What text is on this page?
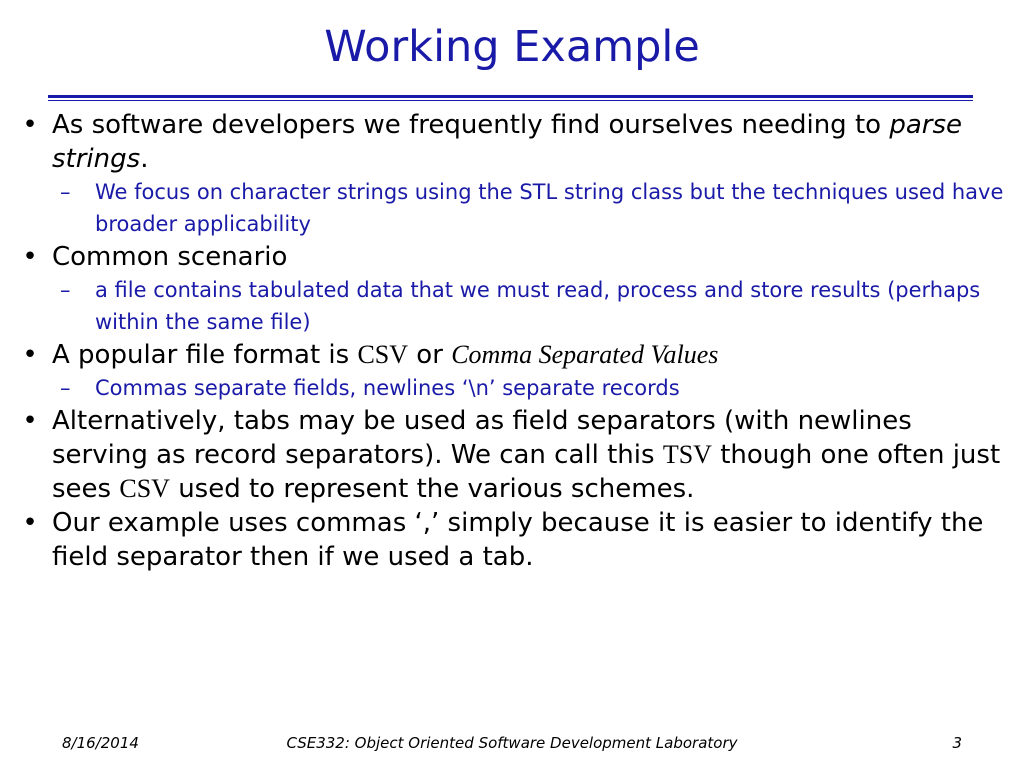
Working Example

• As software developers we frequently find ourselves needing to parse strings.

– We focus on character strings using the STL string class but the techniques used have broader applicability

• Common scenario

– a file contains tabulated data that we must read, process and store results (perhaps within the same file)

• A popular file format is CSV or Comma Separated Values

– Commas separate fields, newlines ‘\n’ separate records

• Alternatively, tabs may be used as field separators (with newlines serving as record separators). We can call this TSV though one often just sees CSV used to represent the various schemes.

• Our example uses commas ‘,’ simply because it is easier to identify the field separator then if we used a tab.

8/16/2014	CSE332: Object Oriented Software Development Laboratory	3
